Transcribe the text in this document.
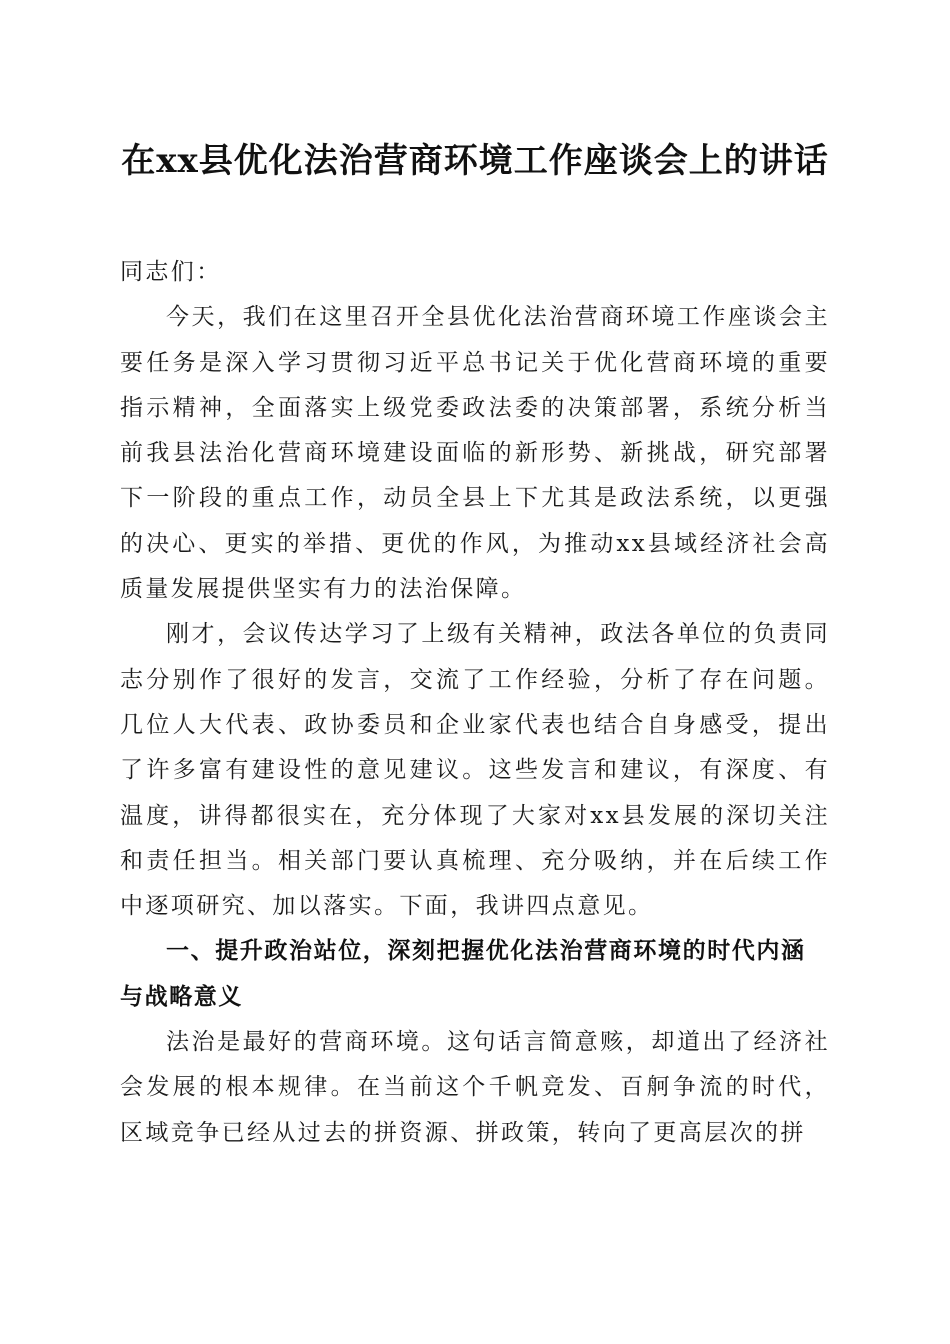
在xx县优化法治营商环境工作座谈会上的讲话

同志们：

今天，我们在这里召开全县优化法治营商环境工作座谈会主要任务是深入学习贯彻习近平总书记关于优化营商环境的重要指示精神，全面落实上级党委政法委的决策部署，系统分析当前我县法治化营商环境建设面临的新形势、新挑战，研究部署下一阶段的重点工作，动员全县上下尤其是政法系统，以更强的决心、更实的举措、更优的作风，为推动xx县域经济社会高质量发展提供坚实有力的法治保障。

刚才，会议传达学习了上级有关精神，政法各单位的负责同志分别作了很好的发言，交流了工作经验，分析了存在问题。几位人大代表、政协委员和企业家代表也结合自身感受，提出了许多富有建设性的意见建议。这些发言和建议，有深度、有温度，讲得都很实在，充分体现了大家对xx县发展的深切关注和责任担当。相关部门要认真梳理、充分吸纳，并在后续工作中逐项研究、加以落实。下面，我讲四点意见。

一、提升政治站位，深刻把握优化法治营商环境的时代内涵与战略意义

法治是最好的营商环境。这句话言简意赅，却道出了经济社会发展的根本规律。在当前这个千帆竞发、百舸争流的时代，区域竞争已经从过去的拼资源、拼政策，转向了更高层次的拼
